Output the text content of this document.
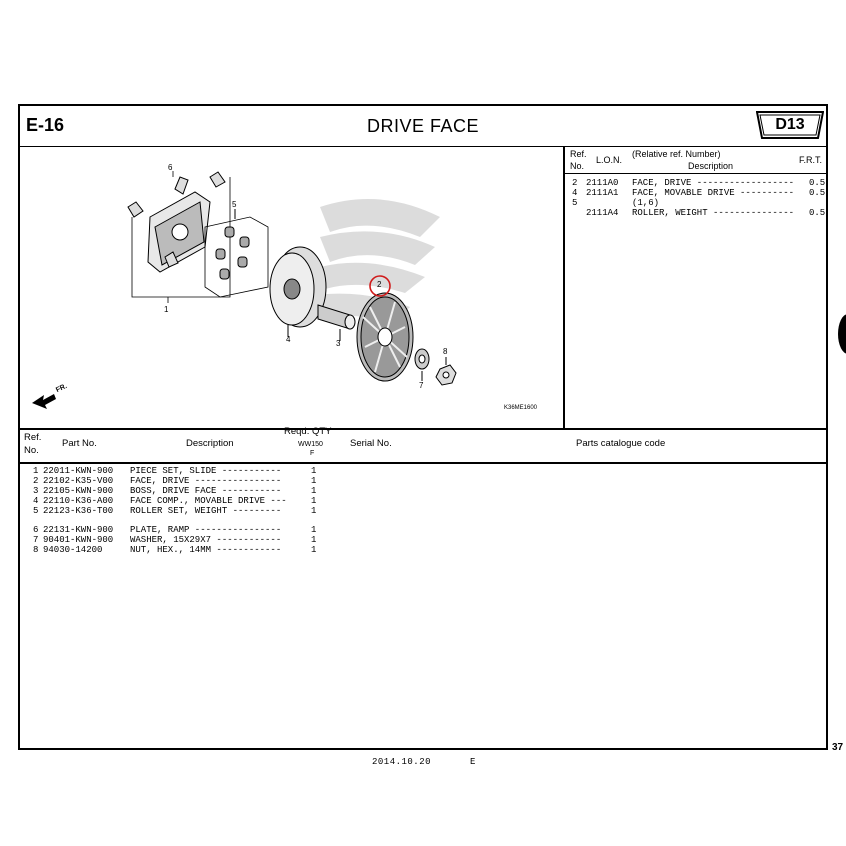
E-16	DRIVE FACE	D13
6
5
1
4	3
2
8
7
FR.
K36ME1600
Ref.
No.
L.O.N.
(Relative ref. Number)
Description
F.R.T.
2 2111A0 FACE, DRIVE ------------------ 0.5
4 2111A1 FACE, MOVABLE DRIVE ---------- 0.5
5	(1,6)
2111A4 ROLLER, WEIGHT --------------- 0.5
Ref.
No.
Part No.	Description
Reqd. QTY
WW150
F
Serial No.	Parts catalogue code
1 22011-KWN-900 PIECE SET, SLIDE -----------	1
2 22102-K35-V00 FACE, DRIVE ----------------	1
3 22105-KWN-900 BOSS, DRIVE FACE -----------	1
4 22110-K36-A00 FACE COMP., MOVABLE DRIVE ---	1
5 22123-K36-T00 ROLLER SET, WEIGHT ---------	1
6 22131-KWN-900 PLATE, RAMP ----------------	1
7 90401-KWN-900 WASHER, 15X29X7 ------------	1
8 94030-14200	NUT, HEX., 14MM ------------	1
37
2014.10.20	E
